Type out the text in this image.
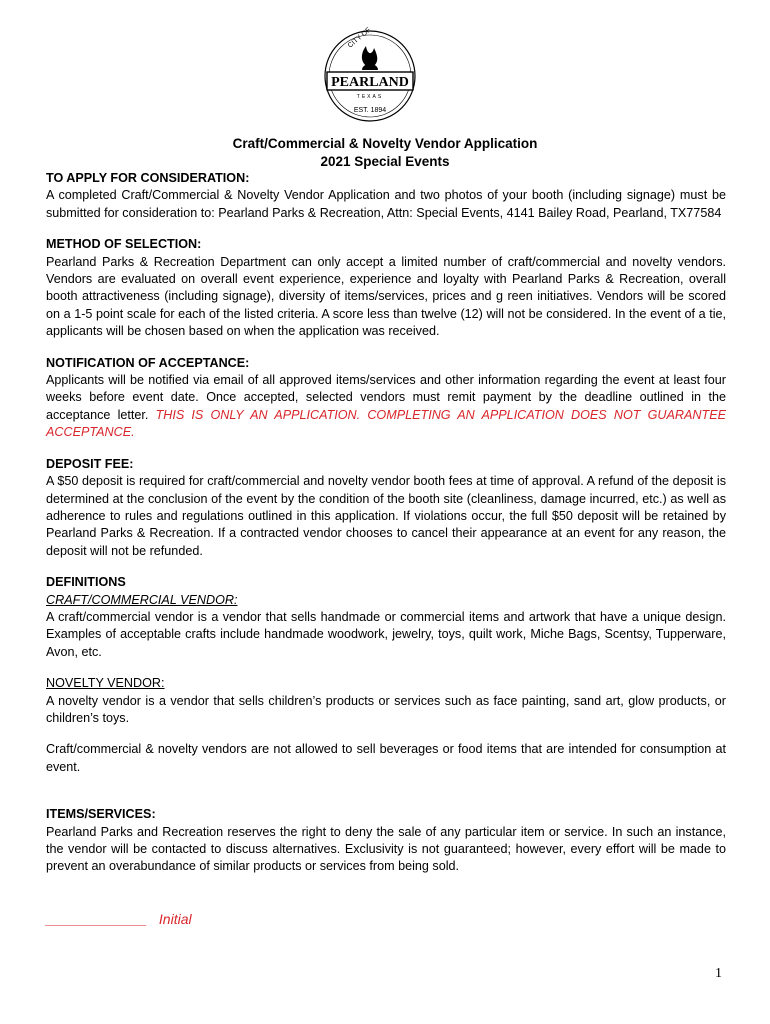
PEARLAND
TEXAS
CITY OF
EST. 1894
Craft/Commercial & Novelty Vendor Application
2021 Special Events

TO APPLY FOR CONSIDERATION:

A completed Craft/Commercial & Novelty Vendor Application and two photos of your booth (including signage) must be submitted for consideration to: Pearland Parks & Recreation, Attn: Special Events, 4141 Bailey Road, Pearland, TX77584

METHOD OF SELECTION:

Pearland Parks & Recreation Department can only accept a limited number of craft/commercial and novelty vendors. Vendors are evaluated on overall event experience, experience and loyalty with Pearland Parks & Recreation, overall booth attractiveness (including signage), diversity of items/services, prices and g reen initiatives. Vendors will be scored on a 1-5 point scale for each of the listed criteria. A score less than twelve (12) will not be considered. In the event of a tie, applicants will be chosen based on when the application was received.

NOTIFICATION OF ACCEPTANCE:

Applicants will be notified via email of all approved items/services and other information regarding the event at least four weeks before event date. Once accepted, selected vendors must remit payment by the deadline outlined in the acceptance letter. THIS IS ONLY AN APPLICATION. COMPLETING AN APPLICATION DOES NOT GUARANTEE ACCEPTANCE.

DEPOSIT FEE:

A $50 deposit is required for craft/commercial and novelty vendor booth fees at time of approval. A refund of the deposit is determined at the conclusion of the event by the condition of the booth site (cleanliness, damage incurred, etc.) as well as adherence to rules and regulations outlined in this application. If violations occur, the full $50 deposit will be retained by Pearland Parks & Recreation. If a contracted vendor chooses to cancel their appearance at an event for any reason, the deposit will not be refunded.

DEFINITIONS

CRAFT/COMMERCIAL VENDOR:

A craft/commercial vendor is a vendor that sells handmade or commercial items and artwork that have a unique design. Examples of acceptable crafts include handmade woodwork, jewelry, toys, quilt work, Miche Bags, Scentsy, Tupperware, Avon, etc.

NOVELTY VENDOR:

A novelty vendor is a vendor that sells children’s products or services such as face painting, sand art, glow products, or children’s toys.

Craft/commercial & novelty vendors are not allowed to sell beverages or food items that are intended for consumption at event.

ITEMS/SERVICES:

Pearland Parks and Recreation reserves the right to deny the sale of any particular item or service. In such an instance, the vendor will be contacted to discuss alternatives. Exclusivity is not guaranteed; however, every effort will be made to prevent an overabundance of similar products or services from being sold.

_____________ Initial
1
